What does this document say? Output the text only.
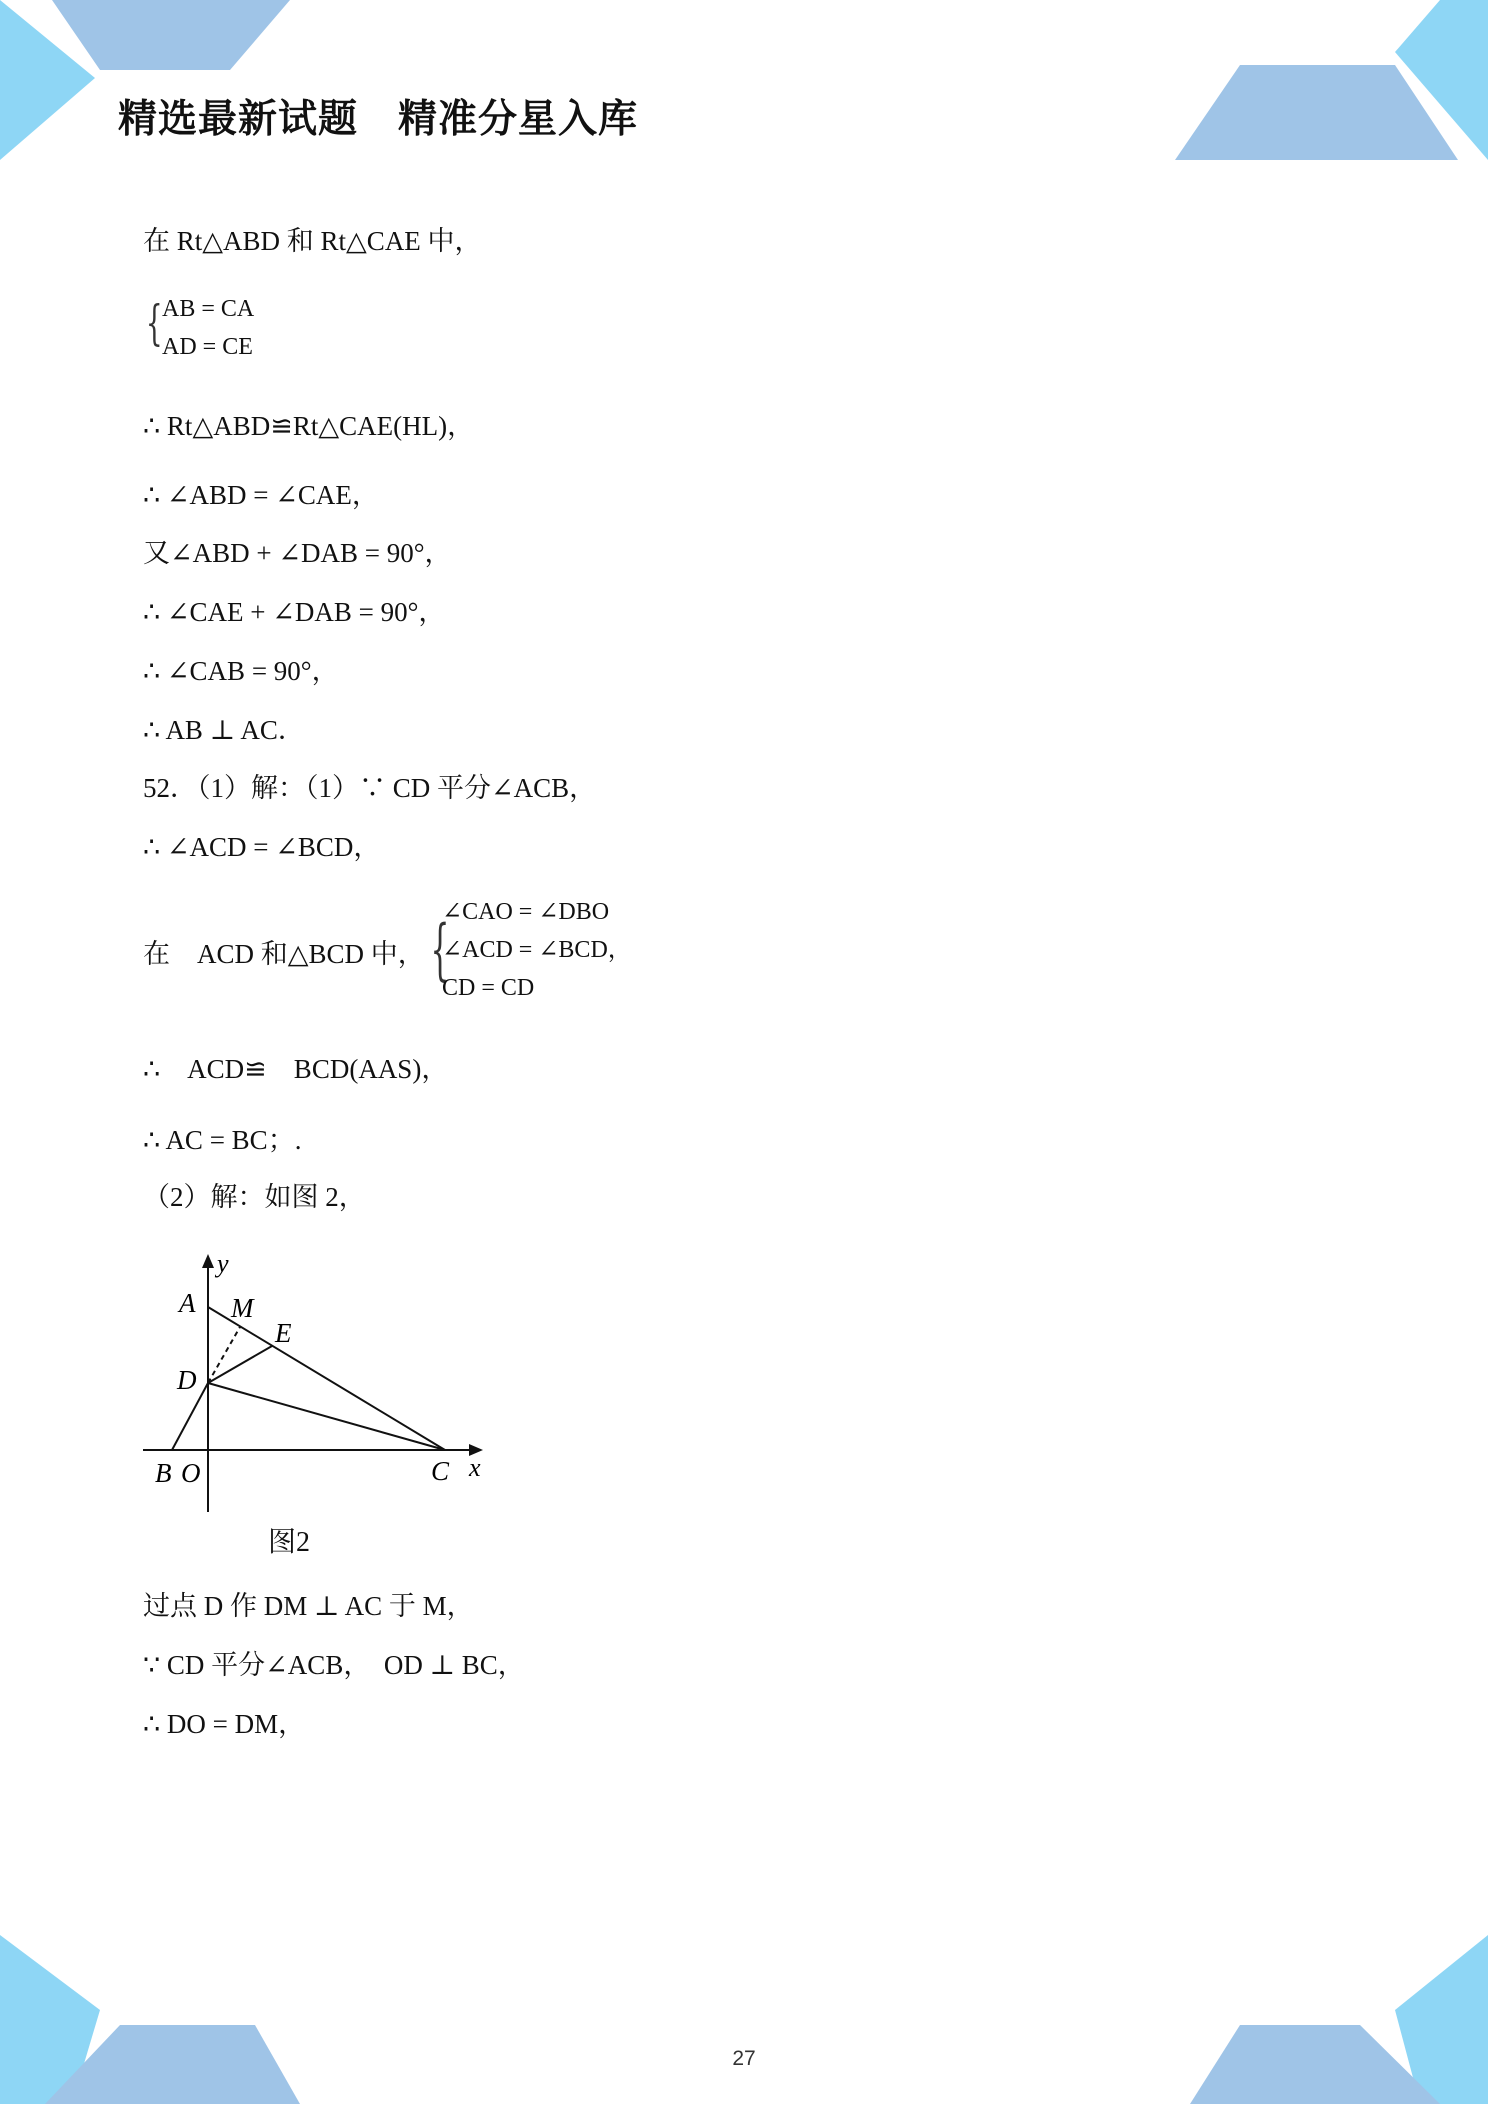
精选最新试题　精准分星入库
在 Rt△ABD 和 Rt△CAE 中，
{ AB = CA
AD = CE
∴ Rt△ABD≌Rt△CAE(HL)，
∴ ∠ABD = ∠CAE，
又∠ABD + ∠DAB = 90°，
∴ ∠CAE + ∠DAB = 90°，
∴ ∠CAB = 90°，
∴ AB ⊥ AC．
52．（1）解：（1）∵ CD 平分∠ACB，
∴ ∠ACD = ∠BCD，
在　ACD 和△BCD 中， {
∠CAO = ∠DBO
∠ACD = ∠BCD，
CD = CD
∴　ACD≌　BCD(AAS)，
∴ AC = BC；.
（2）解：如图 2，
y
A M
E
D
B O	C x
图2
过点 D 作 DM ⊥ AC 于 M，
∵ CD 平分∠ACB，　OD ⊥ BC，
∴ DO = DM，
27
